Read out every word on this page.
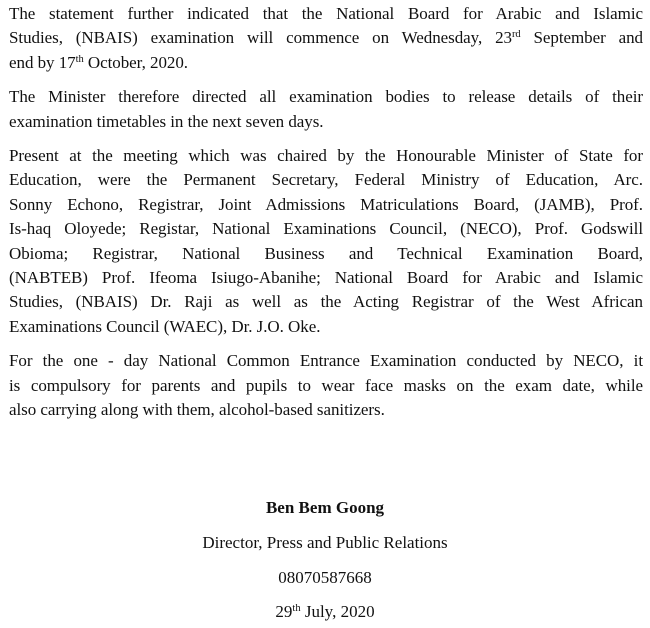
The statement further indicated that the National Board for Arabic and Islamic
Studies, (NBAIS) examination will commence on Wednesday, 23rd September and
end by 17th October, 2020.

The Minister therefore directed all examination bodies to release details of their
examination timetables in the next seven days.

Present at the meeting which was chaired by the Honourable Minister of State for
Education, were the Permanent Secretary, Federal Ministry of Education, Arc.
Sonny Echono, Registrar, Joint Admissions Matriculations Board, (JAMB), Prof.
Is-haq Oloyede; Registar, National Examinations Council, (NECO), Prof. Godswill
Obioma; Registrar, National Business and Technical Examination Board,
(NABTEB) Prof. Ifeoma Isiugo-Abanihe; National Board for Arabic and Islamic
Studies, (NBAIS) Dr. Raji as well as the Acting Registrar of the West African
Examinations Council (WAEC), Dr. J.O. Oke.

For the one - day National Common Entrance Examination conducted by NECO, it
is compulsory for parents and pupils to wear face masks on the exam date, while
also carrying along with them, alcohol-based sanitizers.

Ben Bem Goong
Director, Press and Public Relations
08070587668
29th July, 2020
